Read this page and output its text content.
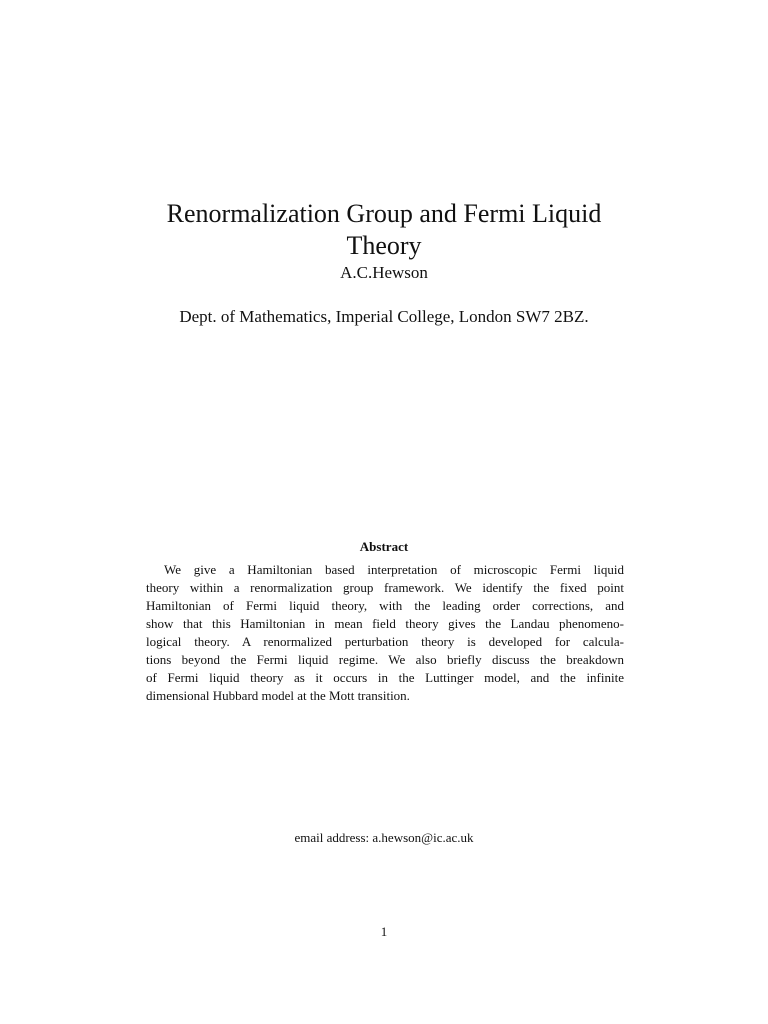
Renormalization Group and Fermi Liquid
Theory
A.C.Hewson
Dept. of Mathematics, Imperial College, London SW7 2BZ.
Abstract
We give a Hamiltonian based interpretation of microscopic Fermi liquid
theory within a renormalization group framework. We identify the fixed point
Hamiltonian of Fermi liquid theory, with the leading order corrections, and
show that this Hamiltonian in mean field theory gives the Landau phenomeno-
logical theory. A renormalized perturbation theory is developed for calcula-
tions beyond the Fermi liquid regime. We also briefly discuss the breakdown
of Fermi liquid theory as it occurs in the Luttinger model, and the infinite
dimensional Hubbard model at the Mott transition.
email address: a.hewson@ic.ac.uk
1
